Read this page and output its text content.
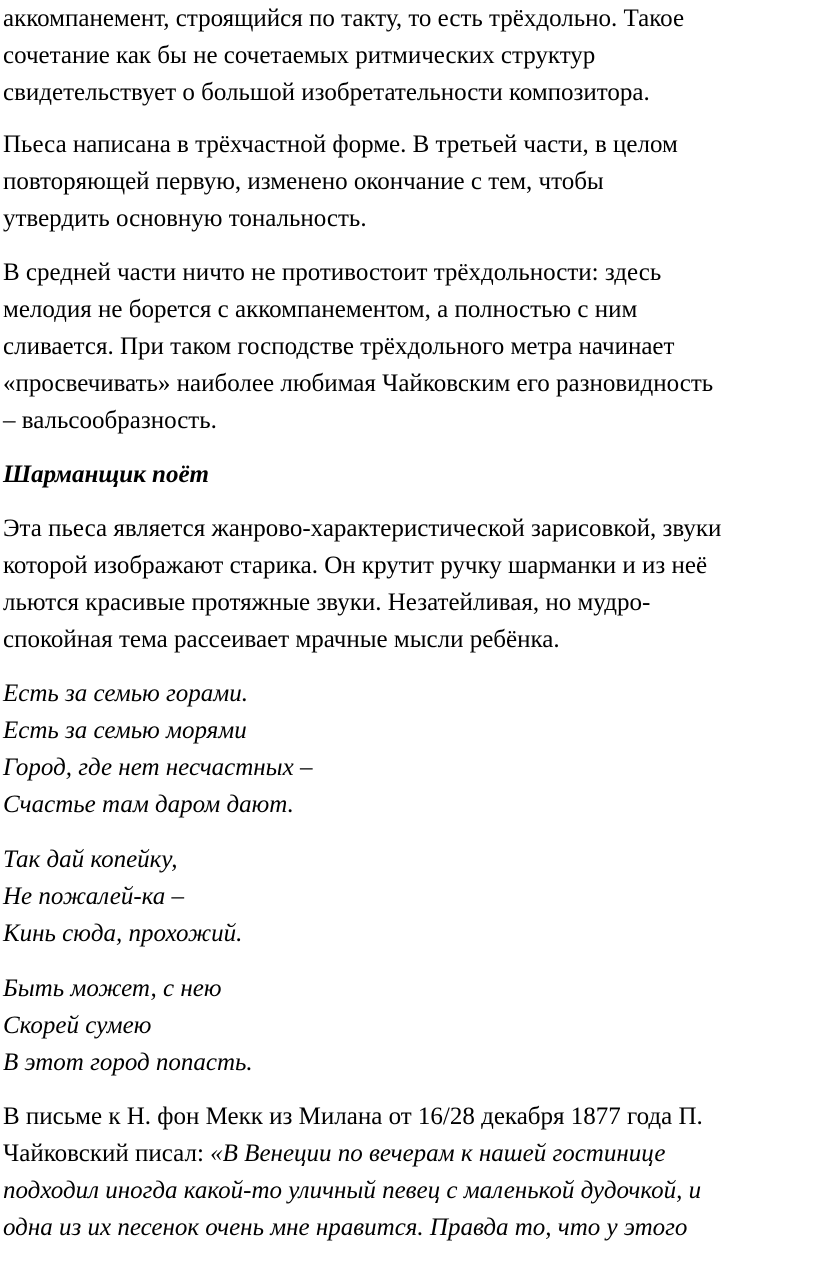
аккомпанемент, строящийся по такту, то есть трёхдольно. Такое
сочетание как бы не сочетаемых ритмических структур
свидетельствует о большой изобретательности композитора.

Пьеса написана в трёхчастной форме. В третьей части, в целом
повторяющей первую, изменено окончание с тем, чтобы
утвердить основную тональность.

В средней части ничто не противостоит трёхдольности: здесь
мелодия не борется с аккомпанементом, а полностью с ним
сливается. При таком господстве трёхдольного метра начинает
«просвечивать» наиболее любимая Чайковским его разновидность
– вальсообразность.

Шарманщик поёт

Эта пьеса является жанрово-характеристической зарисовкой, звуки
которой изображают старика. Он крутит ручку шарманки и из неё
льются красивые протяжные звуки. Незатейливая, но мудро-
спокойная тема рассеивает мрачные мысли ребёнка.

Есть за семью горами.
Есть за семью морями
Город, где нет несчастных –
Счастье там даром дают.

Так дай копейку,
Не пожалей-ка –
Кинь сюда, прохожий.

Быть может, с нею
Скорей сумею
В этот город попасть.

В письме к Н. фон Мекк из Милана от 16/28 декабря 1877 года П.
Чайковский писал: «В Венеции по вечерам к нашей гостинице
подходил иногда какой-то уличный певец с маленькой дудочкой, и
одна из их песенок очень мне нравится. Правда то, что у этого
